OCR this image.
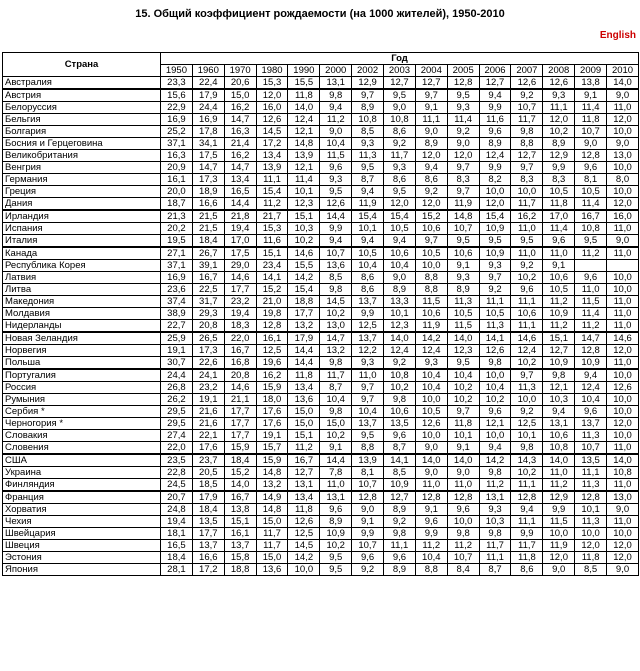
15. Общий коэффициент рождаемости (на 1000 жителей), 1950-2010
English
Страна	Год														
	1950	1960	1970	1980	1990	2000	2002	2003	2004	2005	2006	2007	2008	2009	2010
Австралия	23,3	22,4	20,6	15,3	15,5	13,1	12,9	12,7	12,7	12,8	12,7	12,6	12,6	13,8	14,0
Австрия	15,6	17,9	15,0	12,0	11,8	9,8	9,7	9,5	9,7	9,5	9,4	9,2	9,3	9,1	9,0
Белоруссия	22,9	24,4	16,2	16,0	14,0	9,4	8,9	9,0	9,1	9,3	9,9	10,7	11,1	11,4	11,0
Бельгия	16,9	16,9	14,7	12,6	12,4	11,2	10,8	10,8	11,1	11,4	11,6	11,7	12,0	11,8	12,0
Болгария	25,2	17,8	16,3	14,5	12,1	9,0	8,5	8,6	9,0	9,2	9,6	9,8	10,2	10,7	10,0
Босния и Герцеговина	37,1	34,1	21,4	17,2	14,8	10,4	9,3	9,2	8,9	9,0	8,9	8,8	8,9	9,0	9,0
Великобритания	16,3	17,5	16,2	13,4	13,9	11,5	11,3	11,7	12,0	12,0	12,4	12,7	12,9	12,8	13,0
Венгрия	20,9	14,7	14,7	13,9	12,1	9,6	9,5	9,3	9,4	9,7	9,9	9,7	9,9	9,6	10,0
Германия	16,1	17,3	13,4	11,1	11,4	9,3	8,7	8,6	8,6	8,3	8,2	8,3	8,3	8,1	8,0
Греция	20,0	18,9	16,5	15,4	10,1	9,5	9,4	9,5	9,2	9,7	10,0	10,0	10,5	10,5	10,0
Дания	18,7	16,6	14,4	11,2	12,3	12,6	11,9	12,0	12,0	11,9	12,0	11,7	11,8	11,4	12,0
Ирландия	21,3	21,5	21,8	21,7	15,1	14,4	15,4	15,4	15,2	14,8	15,4	16,2	17,0	16,7	16,0
Испания	20,2	21,5	19,4	15,3	10,3	9,9	10,1	10,5	10,6	10,7	10,9	11,0	11,4	10,8	11,0
Италия	19,5	18,4	17,0	11,6	10,2	9,4	9,4	9,4	9,7	9,5	9,5	9,5	9,6	9,5	9,0
Канада	27,1	26,7	17,5	15,1	14,6	10,7	10,5	10,6	10,5	10,6	10,9	11,0	11,0	11,2	11,0
Республика Корея	37,1	39,1	29,0	23,4	15,5	13,6	10,4	10,4	10,0	9,1	9,3	9,2	9,1		
Латвия	16,9	16,7	14,6	14,1	14,2	8,5	8,6	9,0	8,8	9,3	9,7	10,2	10,6	9,6	10,0
Литва	23,6	22,5	17,7	15,2	15,4	9,8	8,6	8,9	8,8	8,9	9,2	9,6	10,5	11,0	10,0
Македония	37,4	31,7	23,2	21,0	18,8	14,5	13,7	13,3	11,5	11,3	11,1	11,1	11,2	11,5	11,0
Молдавия	38,9	29,3	19,4	19,8	17,7	10,2	9,9	10,1	10,6	10,5	10,5	10,6	10,9	11,4	11,0
Нидерланды	22,7	20,8	18,3	12,8	13,2	13,0	12,5	12,3	11,9	11,5	11,3	11,1	11,2	11,2	11,0
Новая Зеландия	25,9	26,5	22,0	16,1	17,9	14,7	13,7	14,0	14,2	14,0	14,1	14,6	15,1	14,7	14,6
Норвегия	19,1	17,3	16,7	12,5	14,4	13,2	12,2	12,4	12,4	12,3	12,6	12,4	12,7	12,8	12,0
Польша	30,7	22,6	16,8	19,6	14,4	9,8	9,3	9,2	9,3	9,5	9,8	10,2	10,9	10,9	11,0
Португалия	24,4	24,1	20,8	16,2	11,8	11,7	11,0	10,8	10,4	10,4	10,0	9,7	9,8	9,4	10,0
Россия	26,8	23,2	14,6	15,9	13,4	8,7	9,7	10,2	10,4	10,2	10,4	11,3	12,1	12,4	12,6
Румыния	26,2	19,1	21,1	18,0	13,6	10,4	9,7	9,8	10,0	10,2	10,2	10,0	10,3	10,4	10,0
Сербия *	29,5	21,6	17,7	17,6	15,0	9,8	10,4	10,6	10,5	9,7	9,6	9,2	9,4	9,6	10,0
Черногория *	29,5	21,6	17,7	17,6	15,0	15,0	13,7	13,5	12,6	11,8	12,1	12,5	13,1	13,7	12,0
Словакия	27,4	22,1	17,7	19,1	15,1	10,2	9,5	9,6	10,0	10,1	10,0	10,1	10,6	11,3	10,0
Словения	22,0	17,6	15,9	15,7	11,2	9,1	8,8	8,7	9,0	9,1	9,4	9,8	10,8	10,7	11,0
США	23,5	23,7	18,4	15,9	16,7	14,4	13,9	14,1	14,0	14,0	14,2	14,3	14,0	13,5	14,0
Украина	22,8	20,5	15,2	14,8	12,7	7,8	8,1	8,5	9,0	9,0	9,8	10,2	11,0	11,1	10,8
Финляндия	24,5	18,5	14,0	13,2	13,1	11,0	10,7	10,9	11,0	11,0	11,2	11,1	11,2	11,3	11,0
Франция	20,7	17,9	16,7	14,9	13,4	13,1	12,8	12,7	12,8	12,8	13,1	12,8	12,9	12,8	13,0
Хорватия	24,8	18,4	13,8	14,8	11,8	9,6	9,0	8,9	9,1	9,6	9,3	9,4	9,9	10,1	9,0
Чехия	19,4	13,5	15,1	15,0	12,6	8,9	9,1	9,2	9,6	10,0	10,3	11,1	11,5	11,3	11,0
Швейцария	18,1	17,7	16,1	11,7	12,5	10,9	9,9	9,8	9,9	9,8	9,8	9,9	10,0	10,0	10,0
Швеция	16,5	13,7	13,7	11,7	14,5	10,2	10,7	11,1	11,2	11,2	11,7	11,7	11,9	12,0	12,0
Эстония	18,4	16,6	15,8	15,0	14,2	9,5	9,6	9,6	10,4	10,7	11,1	11,8	12,0	11,8	12,0
Япония	28,1	17,2	18,8	13,6	10,0	9,5	9,2	8,9	8,8	8,4	8,7	8,6	9,0	8,5	9,0
